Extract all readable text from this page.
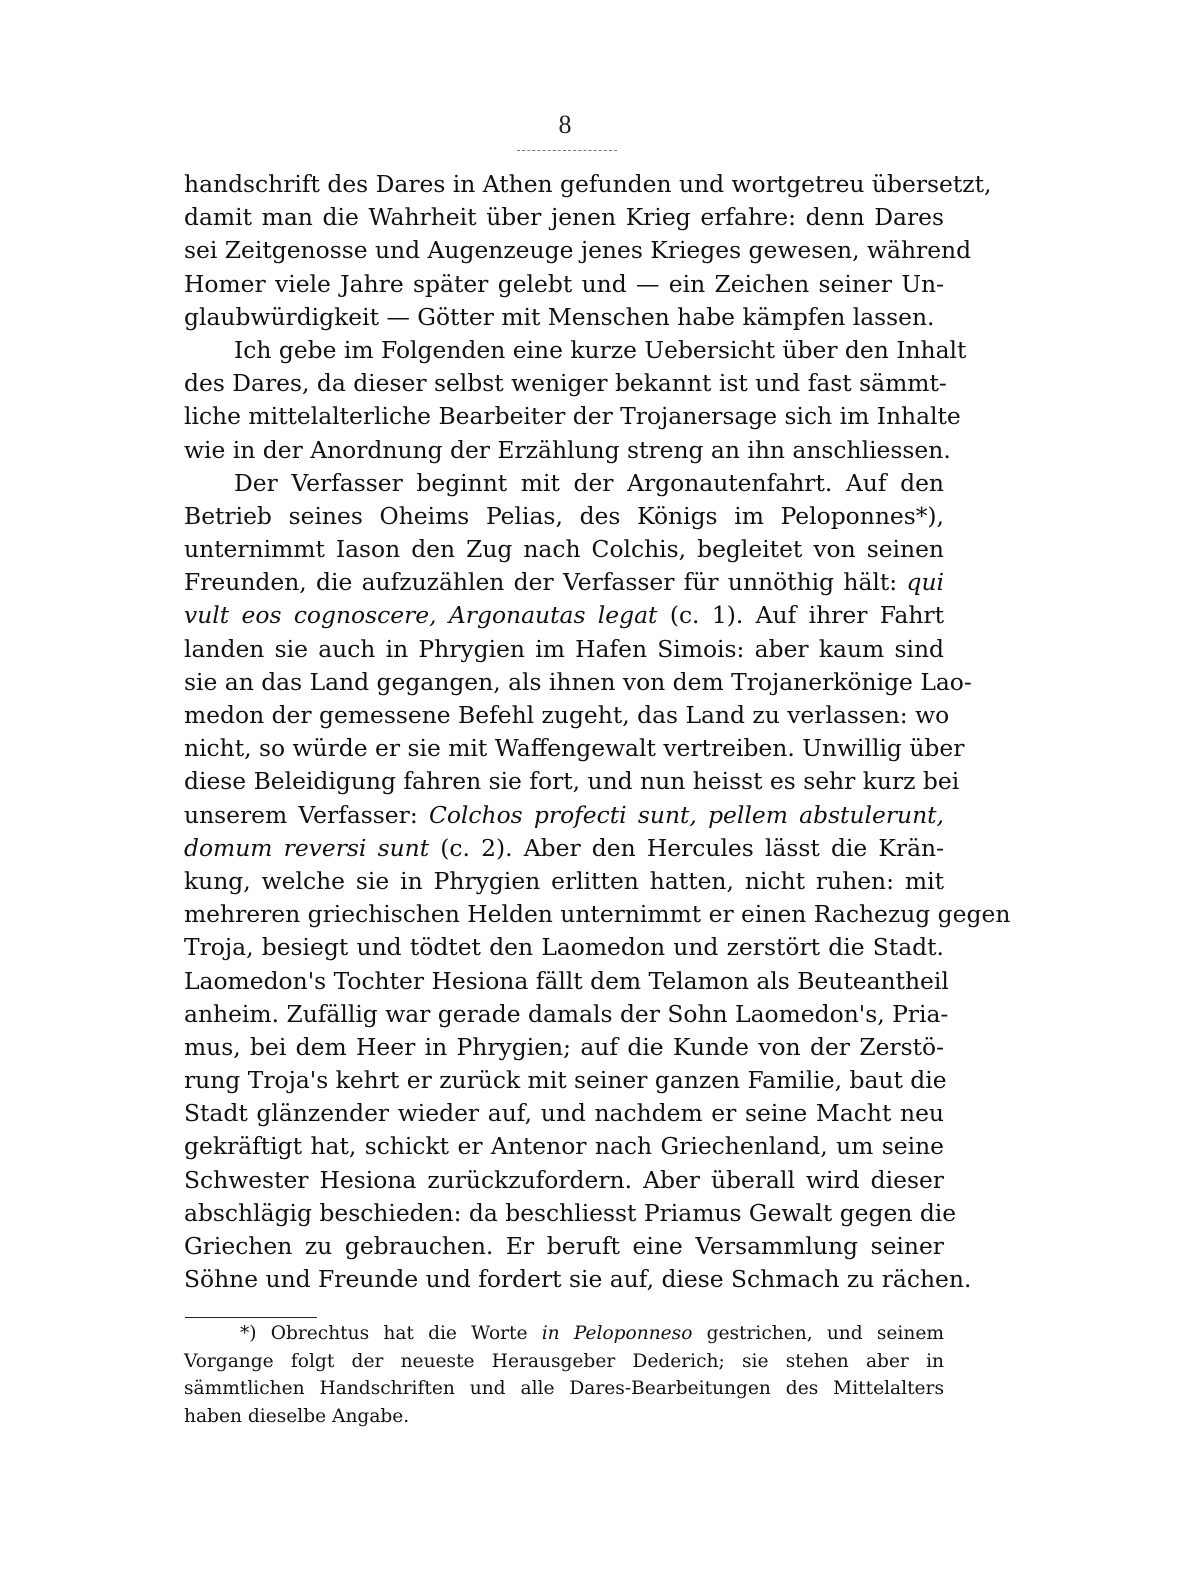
8
handschrift des Dares in Athen gefunden und wortgetreu übersetzt,
damit man die Wahrheit über jenen Krieg erfahre: denn Dares
sei Zeitgenosse und Augenzeuge jenes Krieges gewesen, während
Homer viele Jahre später gelebt und — ein Zeichen seiner Un-
glaubwürdigkeit — Götter mit Menschen habe kämpfen lassen.
Ich gebe im Folgenden eine kurze Uebersicht über den Inhalt
des Dares, da dieser selbst weniger bekannt ist und fast sämmt-
liche mittelalterliche Bearbeiter der Trojanersage sich im Inhalte
wie in der Anordnung der Erzählung streng an ihn anschliessen.
Der Verfasser beginnt mit der Argonautenfahrt. Auf den
Betrieb seines Oheims Pelias, des Königs im Peloponnes*),
unternimmt Iason den Zug nach Colchis, begleitet von seinen
Freunden, die aufzuzählen der Verfasser für unnöthig hält: qui
vult eos cognoscere, Argonautas legat (c. 1). Auf ihrer Fahrt
landen sie auch in Phrygien im Hafen Simois: aber kaum sind
sie an das Land gegangen, als ihnen von dem Trojanerkönige Lao-
medon der gemessene Befehl zugeht, das Land zu verlassen: wo
nicht, so würde er sie mit Waffengewalt vertreiben. Unwillig über
diese Beleidigung fahren sie fort, und nun heisst es sehr kurz bei
unserem Verfasser: Colchos profecti sunt, pellem abstulerunt,
domum reversi sunt (c. 2). Aber den Hercules lässt die Krän-
kung, welche sie in Phrygien erlitten hatten, nicht ruhen: mit
mehreren griechischen Helden unternimmt er einen Rachezug gegen
Troja, besiegt und tödtet den Laomedon und zerstört die Stadt.
Laomedon's Tochter Hesiona fällt dem Telamon als Beuteantheil
anheim. Zufällig war gerade damals der Sohn Laomedon's, Pria-
mus, bei dem Heer in Phrygien; auf die Kunde von der Zerstö-
rung Troja's kehrt er zurück mit seiner ganzen Familie, baut die
Stadt glänzender wieder auf, und nachdem er seine Macht neu
gekräftigt hat, schickt er Antenor nach Griechenland, um seine
Schwester Hesiona zurückzufordern. Aber überall wird dieser
abschlägig beschieden: da beschliesst Priamus Gewalt gegen die
Griechen zu gebrauchen. Er beruft eine Versammlung seiner
Söhne und Freunde und fordert sie auf, diese Schmach zu rächen.
*) Obrechtus hat die Worte in Peloponneso gestrichen, und seinem
Vorgange folgt der neueste Herausgeber Dederich; sie stehen aber in
sämmtlichen Handschriften und alle Dares-Bearbeitungen des Mittelalters
haben dieselbe Angabe.
